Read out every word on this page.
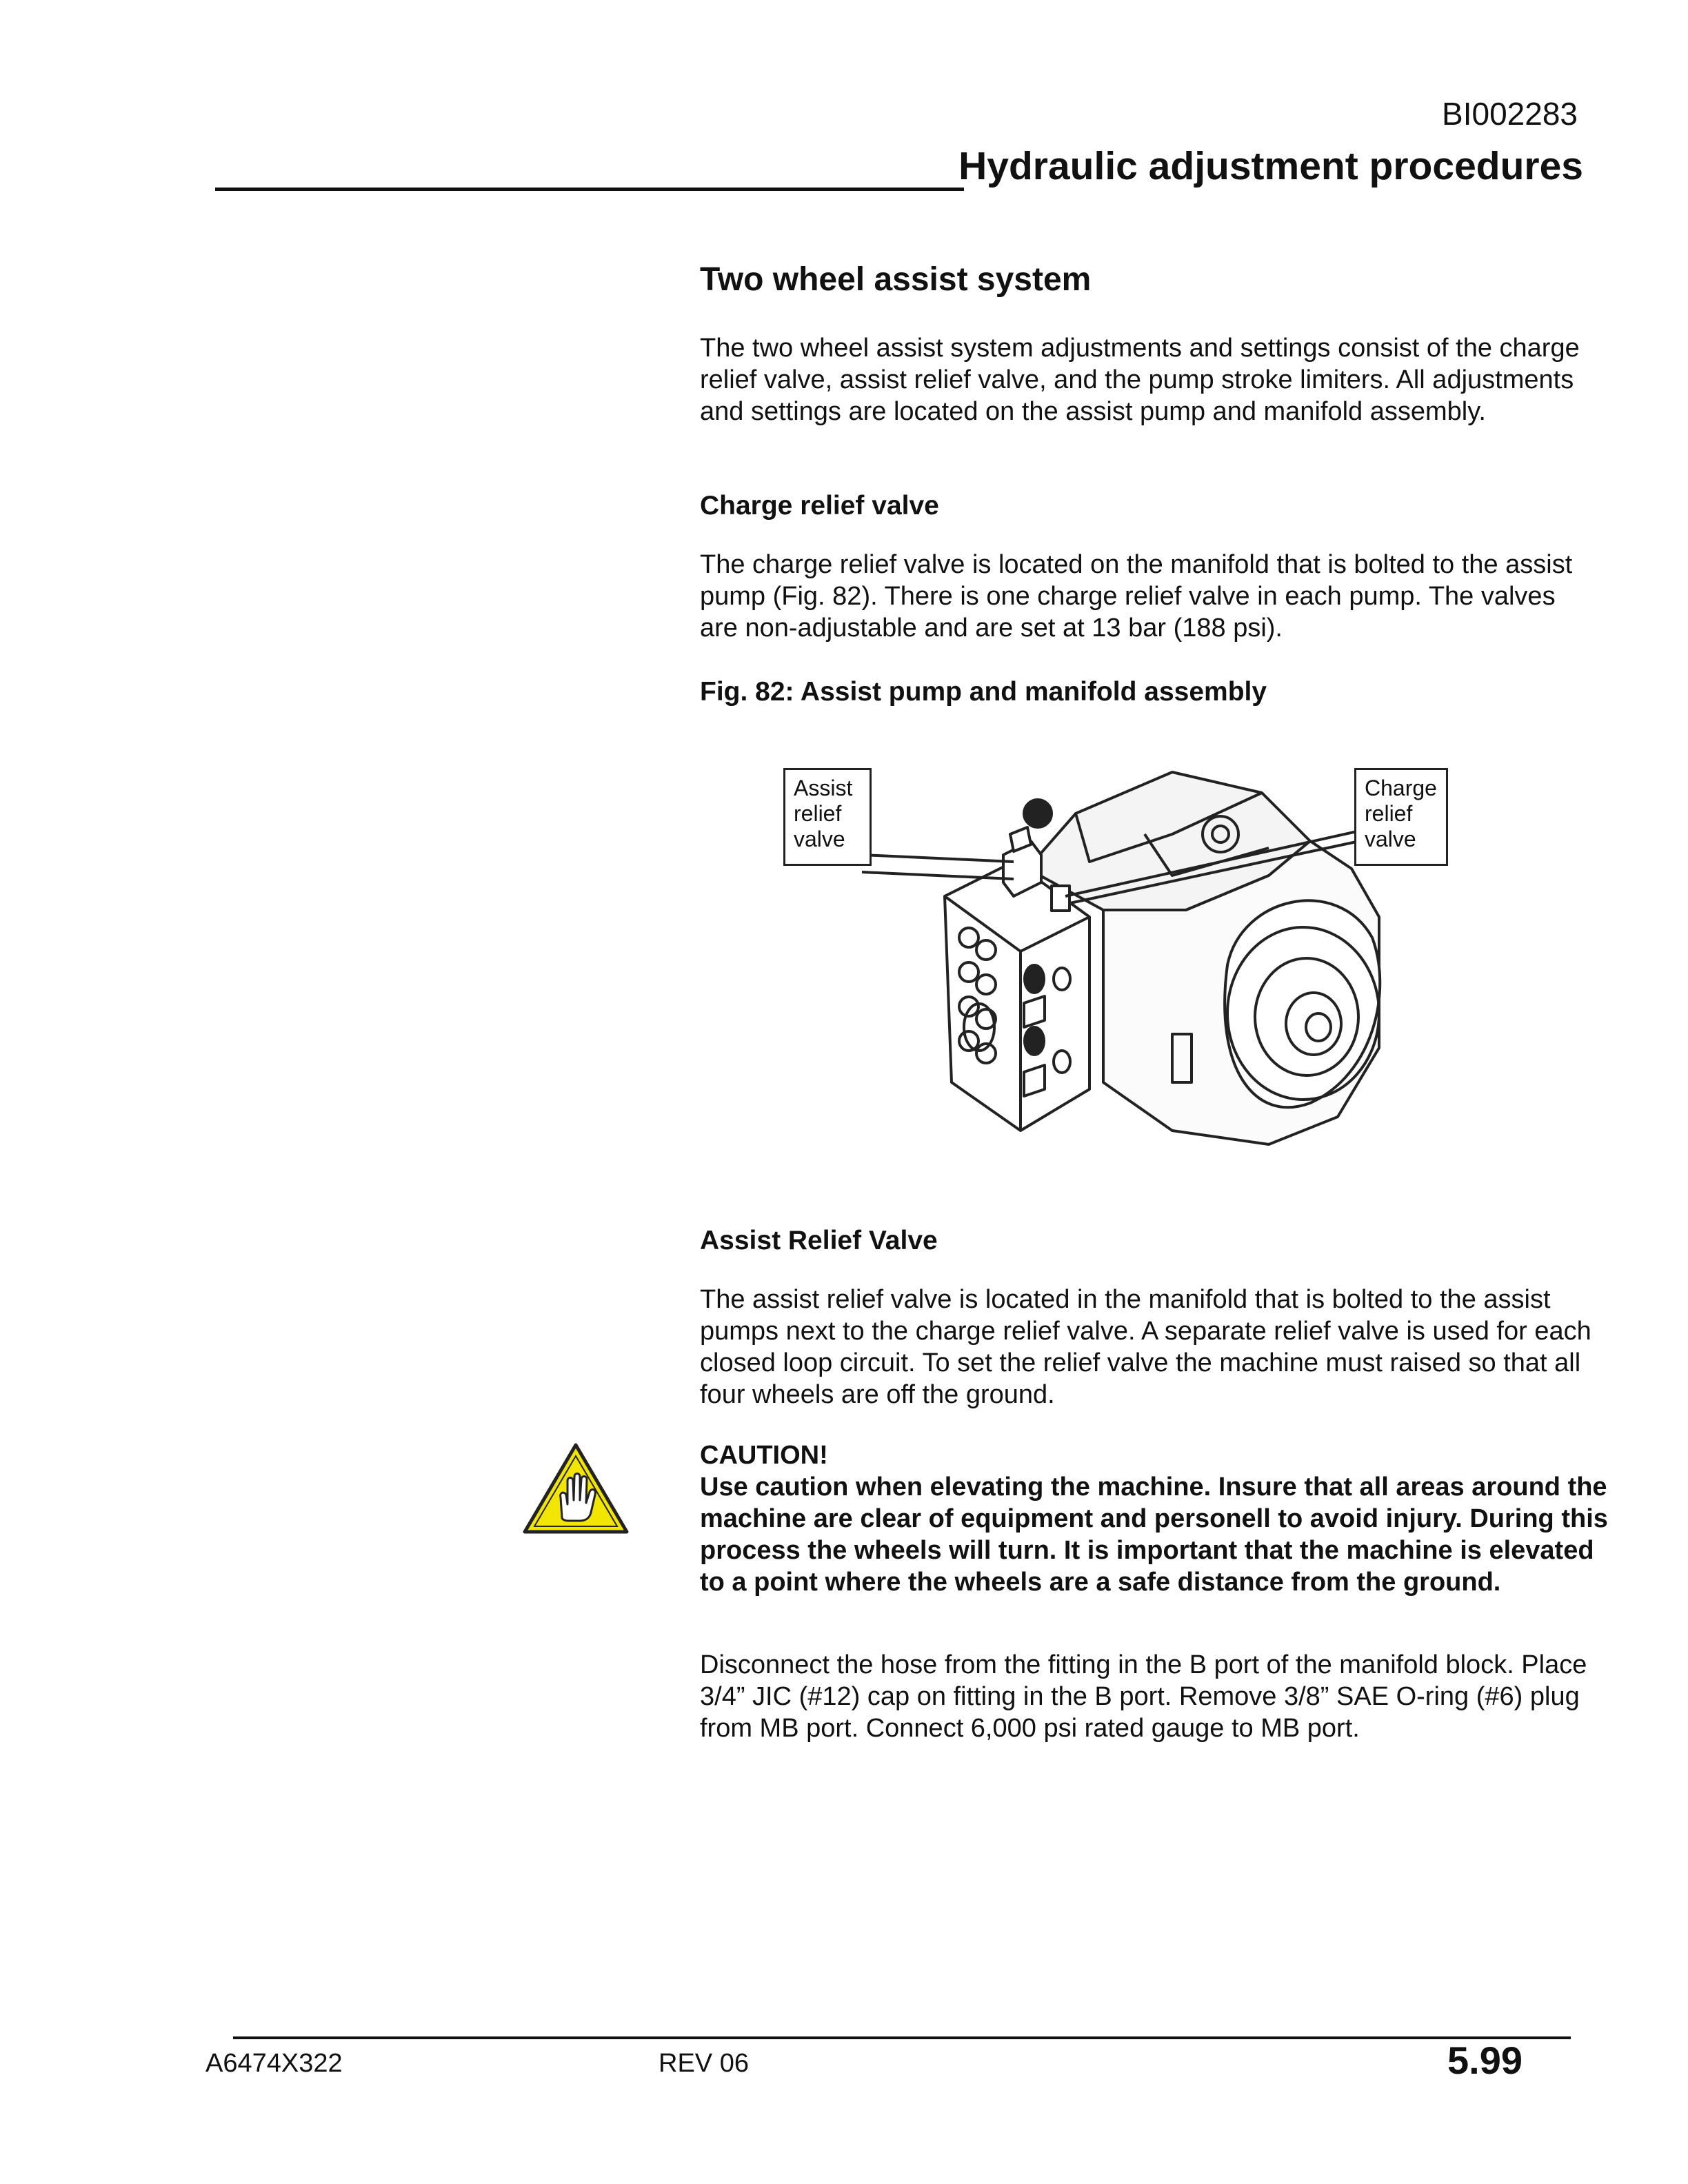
BI002283
Hydraulic adjustment procedures
Two wheel assist system

The two wheel assist system adjustments and settings consist of the charge relief valve, assist relief valve, and the pump stroke limiters. All adjustments and settings are located on the assist pump and manifold assembly.

Charge relief valve

The charge relief valve is located on the manifold that is bolted to the assist pump (Fig. 82). There is one charge relief valve in each pump. The valves are non-adjustable and are set at 13 bar (188 psi).

Fig. 82: Assist pump and manifold assembly
Assist
relief
valve
Charge
relief
valve
Assist Relief Valve

The assist relief valve is located in the manifold that is bolted to the assist pumps next to the charge relief valve. A separate relief valve is used for each closed loop circuit. To set the relief valve the machine must raised so that all four wheels are off the ground.

CAUTION!

Use caution when elevating the machine. Insure that all areas around the machine are clear of equipment and personell to avoid injury. During this process the wheels will turn. It is important that the machine is elevated to a point where the wheels are a safe distance from the ground.

Disconnect the hose from the fitting in the B port of the manifold block. Place 3/4” JIC (#12) cap on fitting in the B port. Remove 3/8” SAE O-ring (#6) plug from MB port. Connect 6,000 psi rated gauge to MB port.

A6474X322	REV 06	5.99
